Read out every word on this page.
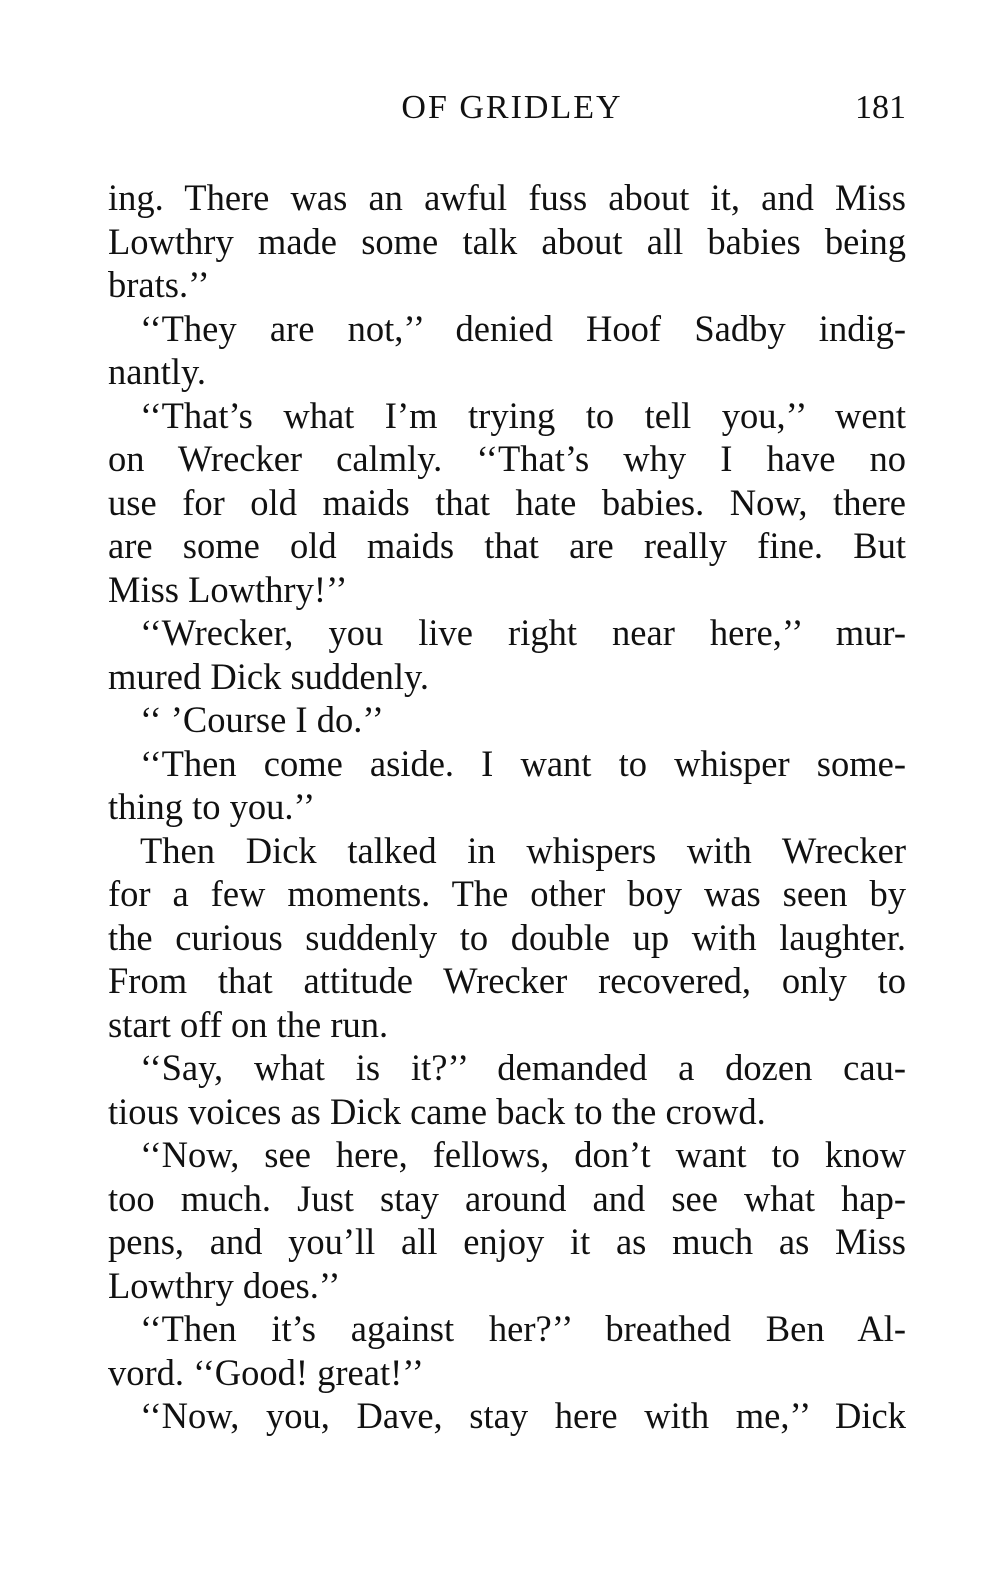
OF GRIDLEY	181
ing. There was an awful fuss about it, and Miss
Lowthry made some talk about all babies being
brats.’’
‘‘They are not,’’ denied Hoof Sadby indig-
nantly.
‘‘That’s what I’m trying to tell you,’’ went
on Wrecker calmly. ‘‘That’s why I have no
use for old maids that hate babies. Now, there
are some old maids that are really fine. But
Miss Lowthry!’’
‘‘Wrecker, you live right near here,’’ mur-
mured Dick suddenly.
‘‘ ’Course I do.’’
‘‘Then come aside. I want to whisper some-
thing to you.’’
Then Dick talked in whispers with Wrecker
for a few moments. The other boy was seen by
the curious suddenly to double up with laughter.
From that attitude Wrecker recovered, only to
start off on the run.
‘‘Say, what is it?’’ demanded a dozen cau-
tious voices as Dick came back to the crowd.
‘‘Now, see here, fellows, don’t want to know
too much. Just stay around and see what hap-
pens, and you’ll all enjoy it as much as Miss
Lowthry does.’’
‘‘Then it’s against her?’’ breathed Ben Al-
vord. ‘‘Good! great!’’
‘‘Now, you, Dave, stay here with me,’’ Dick
